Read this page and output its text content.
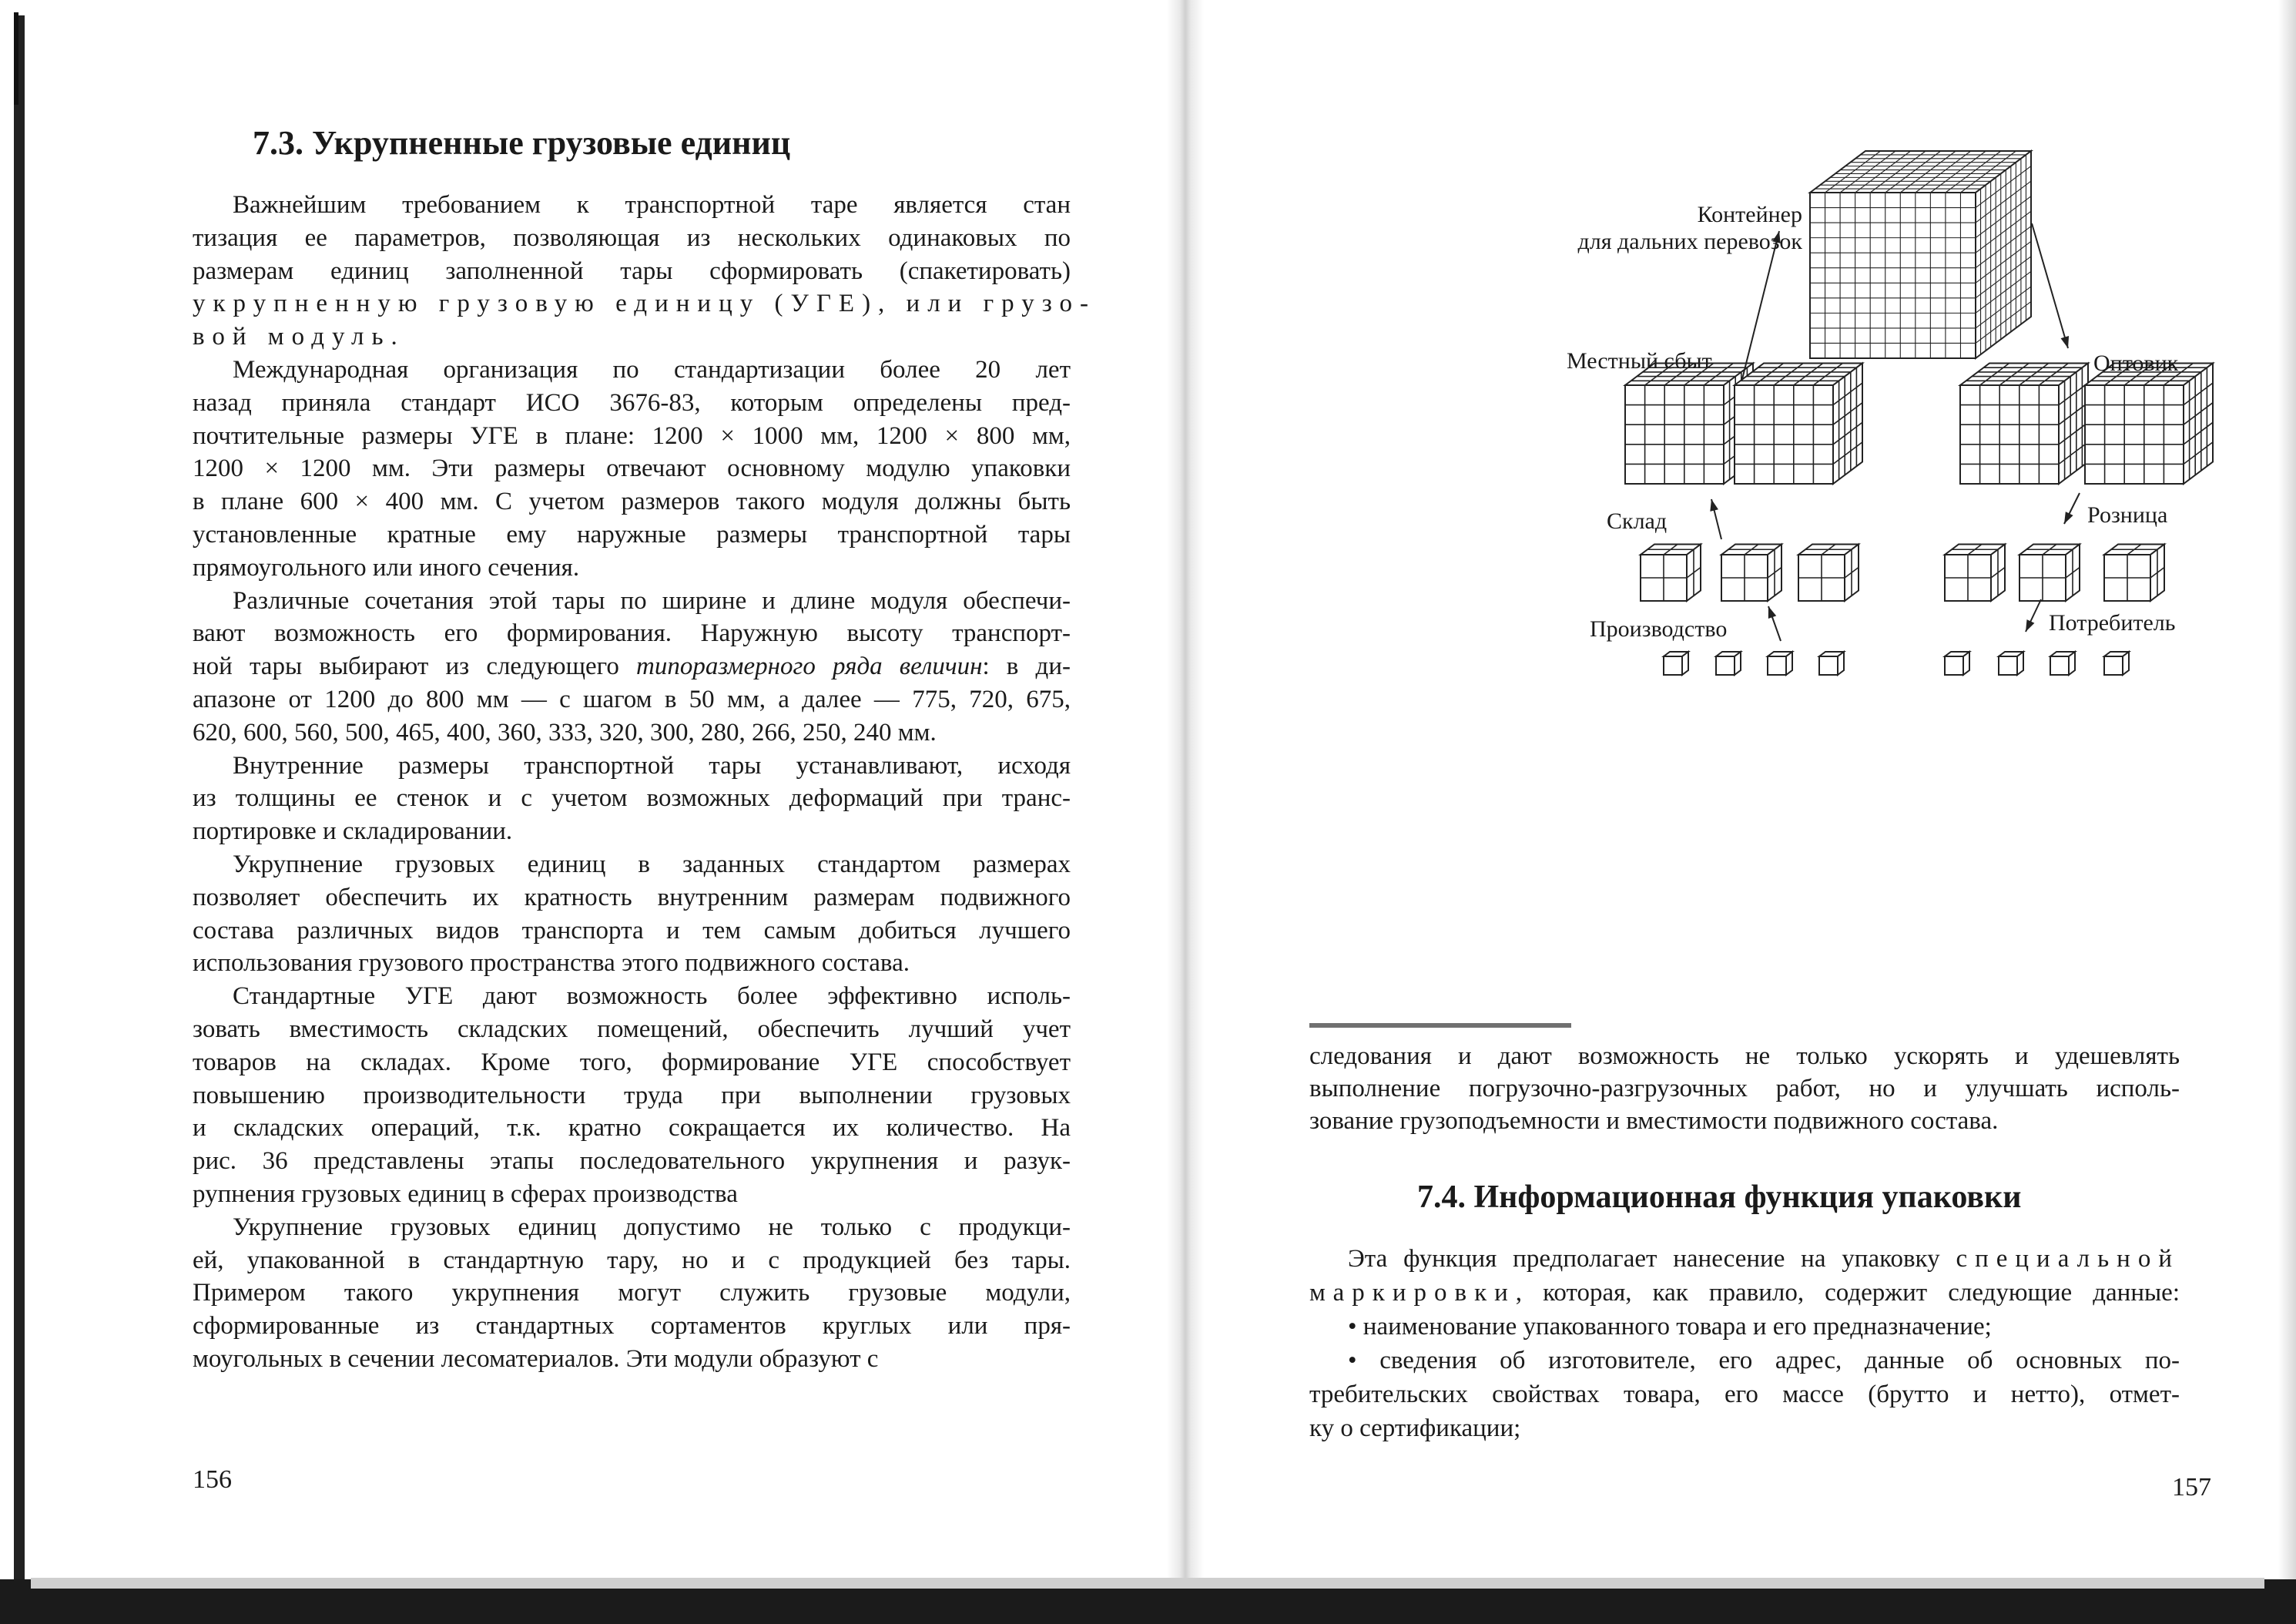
7.3. Укрупненные грузовые единиц
Важнейшим требованием к транспортной таре является стан
тизация ее параметров, позволяющая из нескольких одинаковых по
размерам единиц заполненной тары сформировать (спакетировать)
укрупненную грузовую единицу (УГЕ), или грузо-
вой модуль.
Международная организация по стандартизации более 20 лет
назад приняла стандарт ИСО 3676-83, которым определены пред-
почтительные размеры УГЕ в плане: 1200 × 1000 мм, 1200 × 800 мм,
1200 × 1200 мм. Эти размеры отвечают основному модулю упаковки
в плане 600 × 400 мм. С учетом размеров такого модуля должны быть
установленные кратные ему наружные размеры транспортной тары
прямоугольного или иного сечения.
Различные сочетания этой тары по ширине и длине модуля обеспечи-
вают возможность его формирования. Наружную высоту транспорт-
ной тары выбирают из следующего типоразмерного ряда величин: в ди-
апазоне от 1200 до 800 мм — с шагом в 50 мм, а далее — 775, 720, 675,
620, 600, 560, 500, 465, 400, 360, 333, 320, 300, 280, 266, 250, 240 мм.
Внутренние размеры транспортной тары устанавливают, исходя
из толщины ее стенок и с учетом возможных деформаций при транс-
портировке и складировании.
Укрупнение грузовых единиц в заданных стандартом размерах
позволяет обеспечить их кратность внутренним размерам подвижного
состава различных видов транспорта и тем самым добиться лучшего
использования грузового пространства этого подвижного состава.
Стандартные УГЕ дают возможность более эффективно исполь-
зовать вместимость складских помещений, обеспечить лучший учет
товаров на складах. Кроме того, формирование УГЕ способствует
повышению производительности труда при выполнении грузовых
и складских операций, т.к. кратно сокращается их количество. На
рис. 36 представлены этапы последовательного укрупнения и разук-
рупнения грузовых единиц в сферах производства
Укрупнение грузовых единиц допустимо не только с продукци-
ей, упакованной в стандартную тару, но и с продукцией без тары.
Примером такого укрупнения могут служить грузовые модули,
сформированные из стандартных сортаментов круглых или пря-
моугольных в сечении лесоматериалов. Эти модули образуют с
156
Контейнер
для дальних перевозок
Местный сбыт	Оптовик
Склад	Розница
Производство	Потребитель
следования и дают возможность не только ускорять и удешевлять
выполнение погрузочно-разгрузочных работ, но и улучшать исполь-
зование грузоподъемности и вместимости подвижного состава.
7.4. Информационная функция упаковки
Эта функция предполагает нанесение на упаковку специальной
маркировки, которая, как правило, содержит следующие данные:
• наименование упакованного товара и его предназначение;
• сведения об изготовителе, его адрес, данные об основных по-
требительских свойствах товара, его массе (брутто и нетто), отмет-
ку о сертификации;
157
